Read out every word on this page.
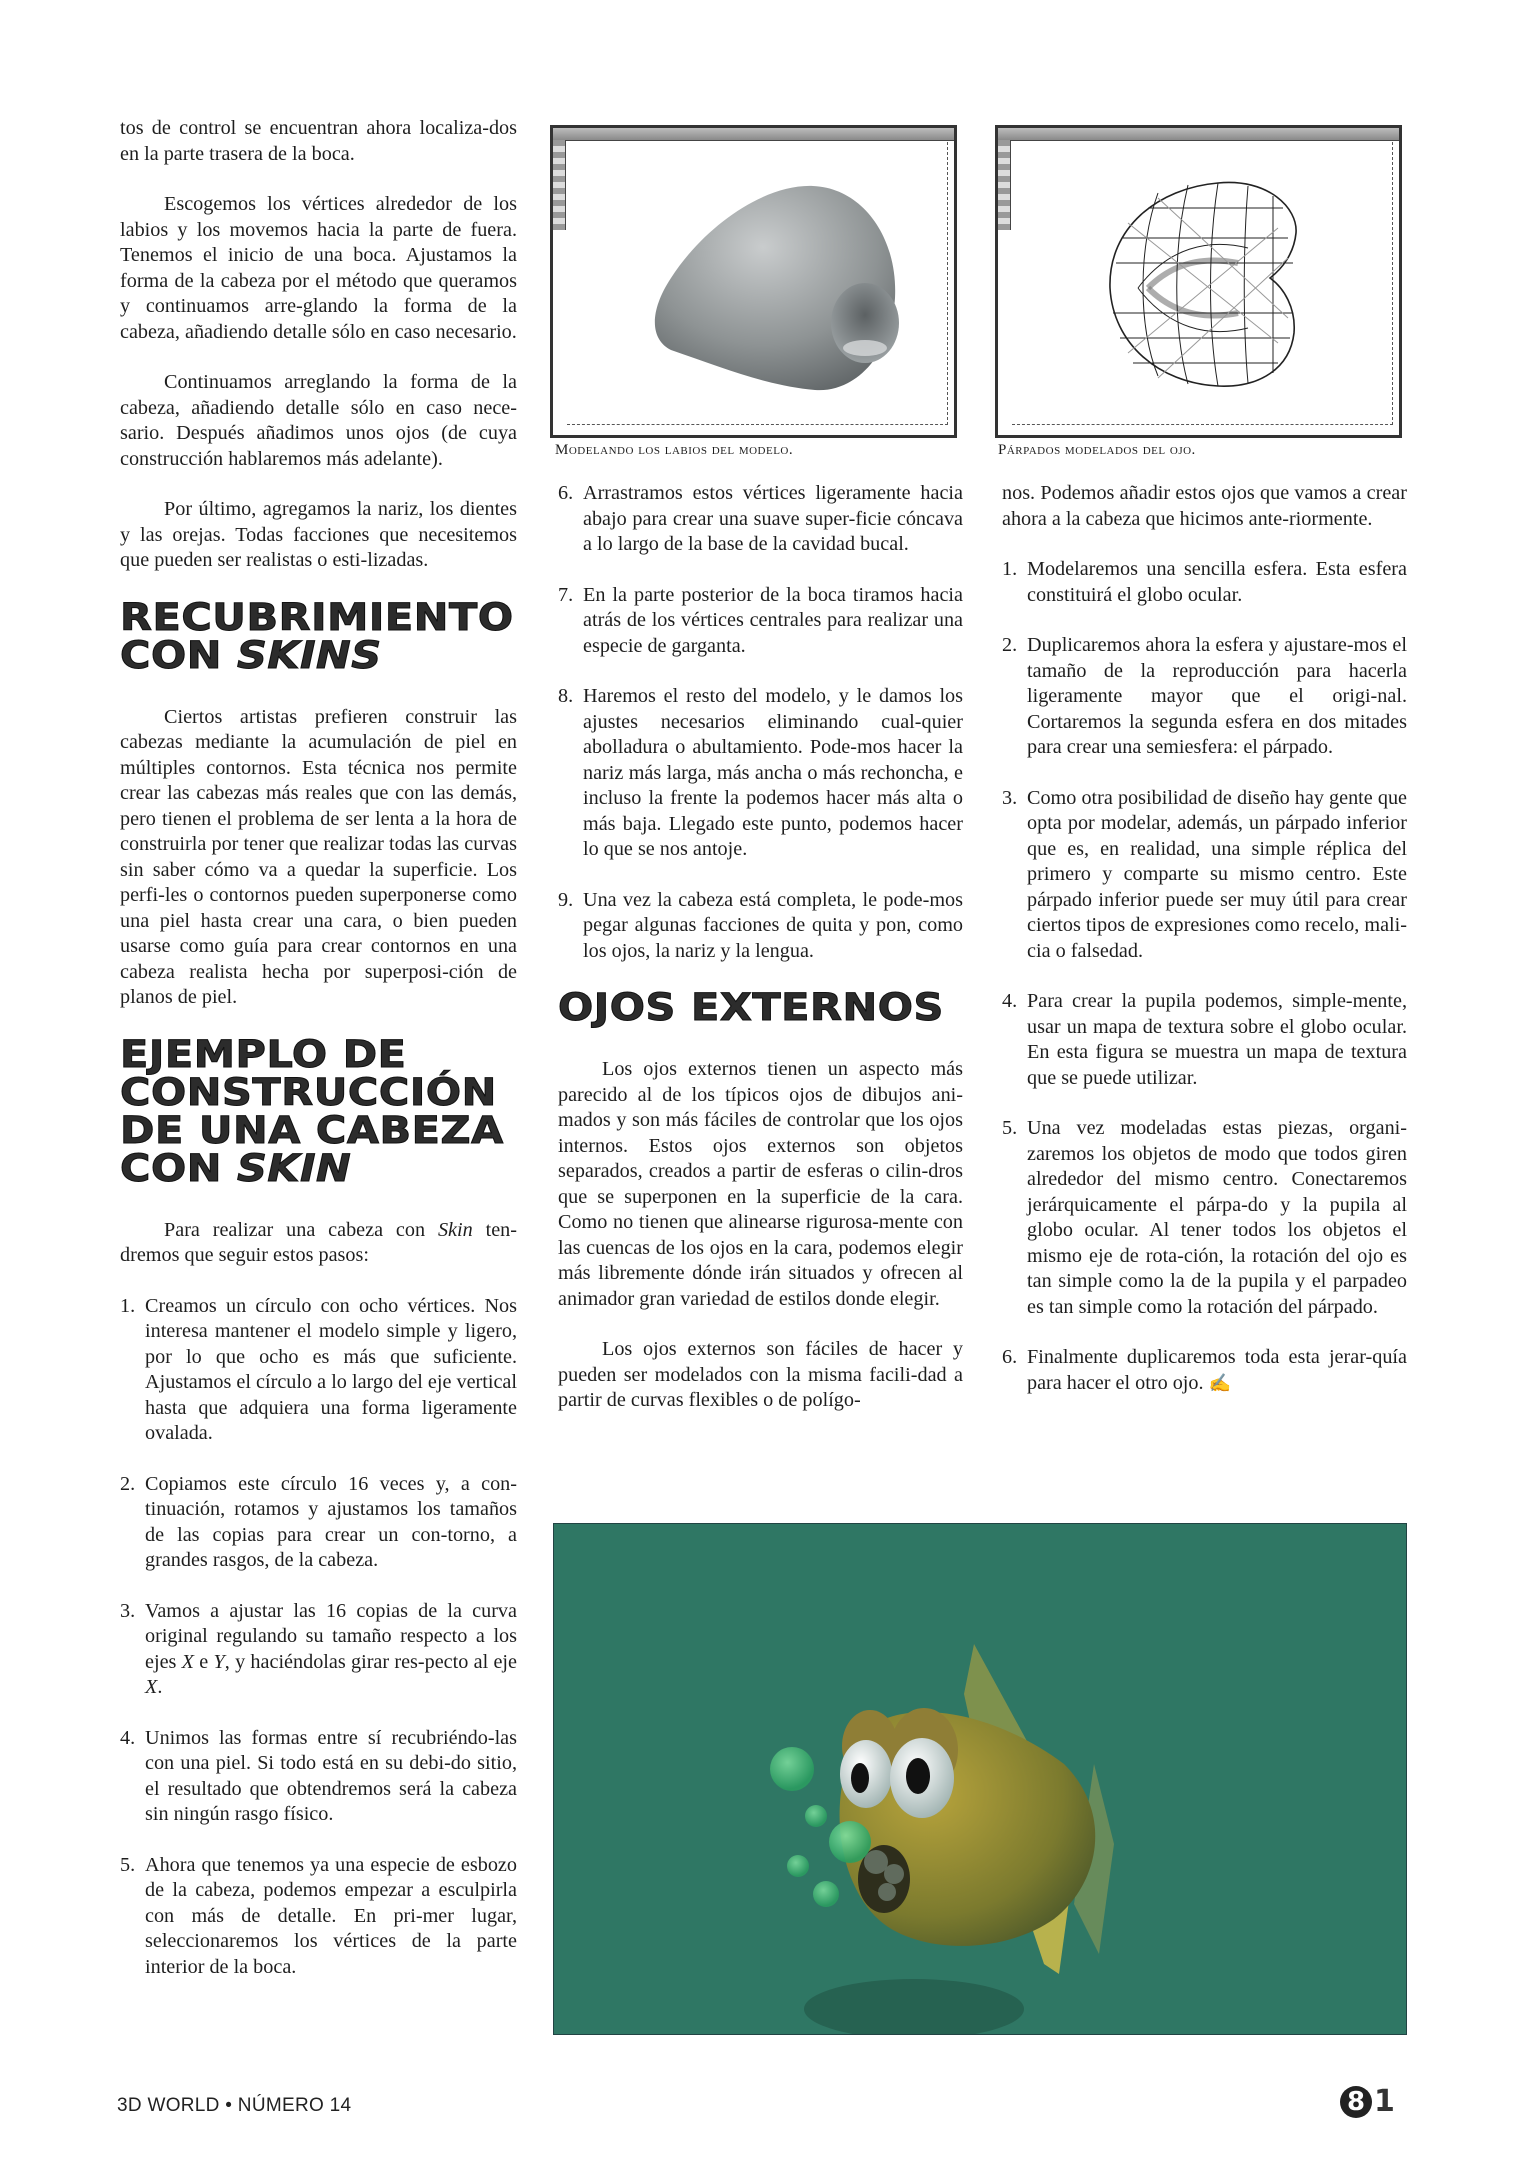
tos de control se encuentran ahora localiza-dos en la parte trasera de la boca.

Escogemos los vértices alrededor de los labios y los movemos hacia la parte de fuera. Tenemos el inicio de una boca. Ajustamos la forma de la cabeza por el método que queramos y continuamos arre-glando la forma de la cabeza, añadiendo detalle sólo en caso necesario.

Continuamos arreglando la forma de la cabeza, añadiendo detalle sólo en caso nece-sario. Después añadimos unos ojos (de cuya construcción hablaremos más adelante).

Por último, agregamos la nariz, los dientes y las orejas. Todas facciones que necesitemos que pueden ser realistas o esti-lizadas.

RECUBRIMIENTO
CON SKINS

Ciertos artistas prefieren construir las cabezas mediante la acumulación de piel en múltiples contornos. Esta técnica nos permite crear las cabezas más reales que con las demás, pero tienen el problema de ser lenta a la hora de construirla por tener que realizar todas las curvas sin saber cómo va a quedar la superficie. Los perfi-les o contornos pueden superponerse como una piel hasta crear una cara, o bien pueden usarse como guía para crear contornos en una cabeza realista hecha por superposi-ción de planos de piel.

EJEMPLO DE
CONSTRUCCIÓN
DE UNA CABEZA
CON SKIN

Para realizar una cabeza con Skin ten-dremos que seguir estos pasos:

1. Creamos un círculo con ocho vértices. Nos interesa mantener el modelo simple y ligero, por lo que ocho es más que suficiente. Ajustamos el círculo a lo largo del eje vertical hasta que adquiera una forma ligeramente ovalada.
2. Copiamos este círculo 16 veces y, a con-tinuación, rotamos y ajustamos los tamaños de las copias para crear un con-torno, a grandes rasgos, de la cabeza.
3. Vamos a ajustar las 16 copias de la curva original regulando su tamaño respecto a los ejes X e Y, y haciéndolas girar res-pecto al eje X.
4. Unimos las formas entre sí recubriéndo-las con una piel. Si todo está en su debi-do sitio, el resultado que obtendremos será la cabeza sin ningún rasgo físico.
5. Ahora que tenemos ya una especie de esbozo de la cabeza, podemos empezar a esculpirla con más de detalle. En pri-mer lugar, seleccionaremos los vértices de la parte interior de la boca.
Modelando los labios del modelo.	Párpados modelados del ojo.
6. Arrastramos estos vértices ligeramente hacia abajo para crear una suave super-ficie cóncava a lo largo de la base de la cavidad bucal.
7. En la parte posterior de la boca tiramos hacia atrás de los vértices centrales para realizar una especie de garganta.
8. Haremos el resto del modelo, y le damos los ajustes necesarios eliminando cual-quier abolladura o abultamiento. Pode-mos hacer la nariz más larga, más ancha o más rechoncha, e incluso la frente la podemos hacer más alta o más baja. Llegado este punto, podemos hacer lo que se nos antoje.
9. Una vez la cabeza está completa, le pode-mos pegar algunas facciones de quita y pon, como los ojos, la nariz y la lengua.
OJOS EXTERNOS

Los ojos externos tienen un aspecto más parecido al de los típicos ojos de dibujos ani-mados y son más fáciles de controlar que los ojos internos. Estos ojos externos son objetos separados, creados a partir de esferas o cilin-dros que se superponen en la superficie de la cara. Como no tienen que alinearse rigurosa-mente con las cuencas de los ojos en la cara, podemos elegir más libremente dónde irán situados y ofrecen al animador gran variedad de estilos donde elegir.

Los ojos externos son fáciles de hacer y pueden ser modelados con la misma facili-dad a partir de curvas flexibles o de polígo-

nos. Podemos añadir estos ojos que vamos a crear ahora a la cabeza que hicimos ante-riormente.

1. Modelaremos una sencilla esfera. Esta esfera constituirá el globo ocular.
2. Duplicaremos ahora la esfera y ajustare-mos el tamaño de la reproducción para hacerla ligeramente mayor que el origi-nal. Cortaremos la segunda esfera en dos mitades para crear una semiesfera: el párpado.
3. Como otra posibilidad de diseño hay gente que opta por modelar, además, un párpado inferior que es, en realidad, una simple réplica del primero y comparte su mismo centro. Este párpado inferior puede ser muy útil para crear ciertos tipos de expresiones como recelo, mali-cia o falsedad.
4. Para crear la pupila podemos, simple-mente, usar un mapa de textura sobre el globo ocular. En esta figura se muestra un mapa de textura que se puede utilizar.
5. Una vez modeladas estas piezas, organi-zaremos los objetos de modo que todos giren alrededor del mismo centro. Conectaremos jerárquicamente el párpa-do y la pupila al globo ocular. Al tener todos los objetos el mismo eje de rota-ción, la rotación del ojo es tan simple como la de la pupila y el parpadeo es tan simple como la rotación del párpado.
6. Finalmente duplicaremos toda esta jerar-quía para hacer el otro ojo. ✍
3D WORLD • NÚMERO 14	8 1
